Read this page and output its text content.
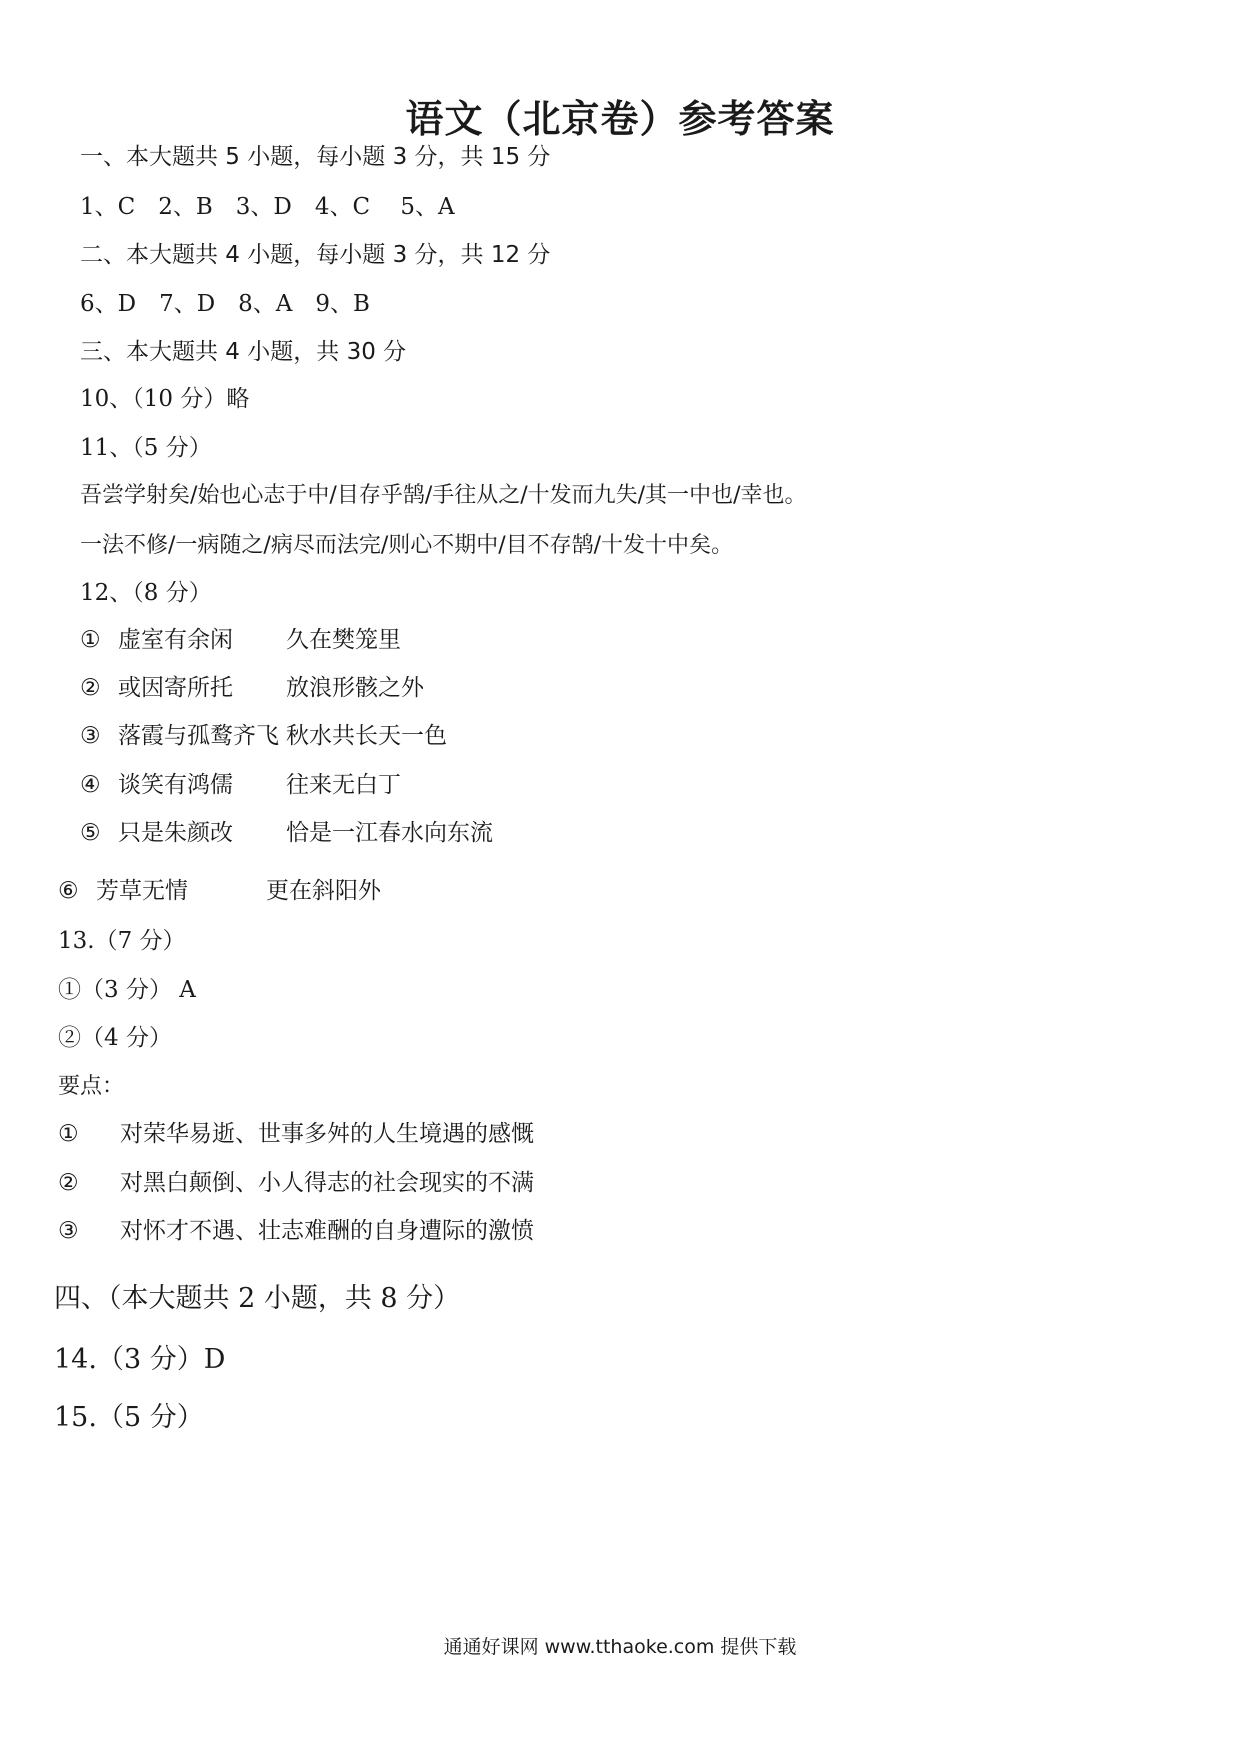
语文（北京卷）参考答案
一、本大题共 5 小题，每小题 3 分，共 15 分
1、C　2、B　3、D　4、C　 5、A
二、本大题共 4 小题，每小题 3 分，共 12 分
6、D　7、D　8、A　9、B
三、本大题共 4 小题，共 30 分
10、（10 分）略
11、（5 分）
吾尝学射矣/始也心志于中/目存乎鹄/手往从之/十发而九失/其一中也/幸也。
一法不修/一病随之/病尽而法完/则心不期中/目不存鹄/十发十中矣。
12、（8 分）
① 虚室有余闲 久在樊笼里
② 或因寄所托 放浪形骸之外
③ 落霞与孤鹜齐飞 秋水共长天一色
④ 谈笑有鸿儒 往来无白丁
⑤ 只是朱颜改 恰是一江春水向东流
⑥ 芳草无情	更在斜阳外
13.（7 分）
①（3 分） A
②（4 分）
要点：
① 对荣华易逝、世事多舛的人生境遇的感慨
② 对黑白颠倒、小人得志的社会现实的不满
③ 对怀才不遇、壮志难酬的自身遭际的激愤
四、（本大题共 2 小题，共 8 分）
14.（3 分）D
15.（5 分）
通通好课网 www.tthaoke.com 提供下载
